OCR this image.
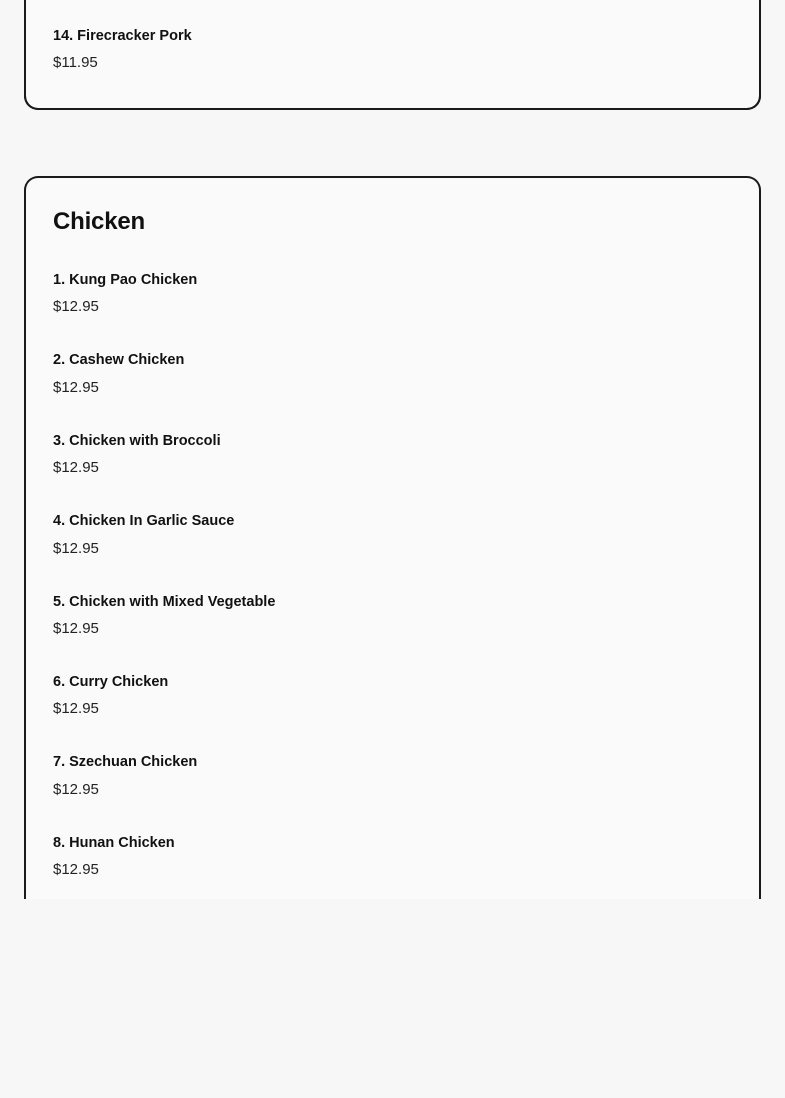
14. Firecracker Pork

$11.95

Chicken

1. Kung Pao Chicken

$12.95

2. Cashew Chicken

$12.95

3. Chicken with Broccoli

$12.95

4. Chicken In Garlic Sauce

$12.95

5. Chicken with Mixed Vegetable

$12.95

6. Curry Chicken

$12.95

7. Szechuan Chicken

$12.95

8. Hunan Chicken

$12.95
